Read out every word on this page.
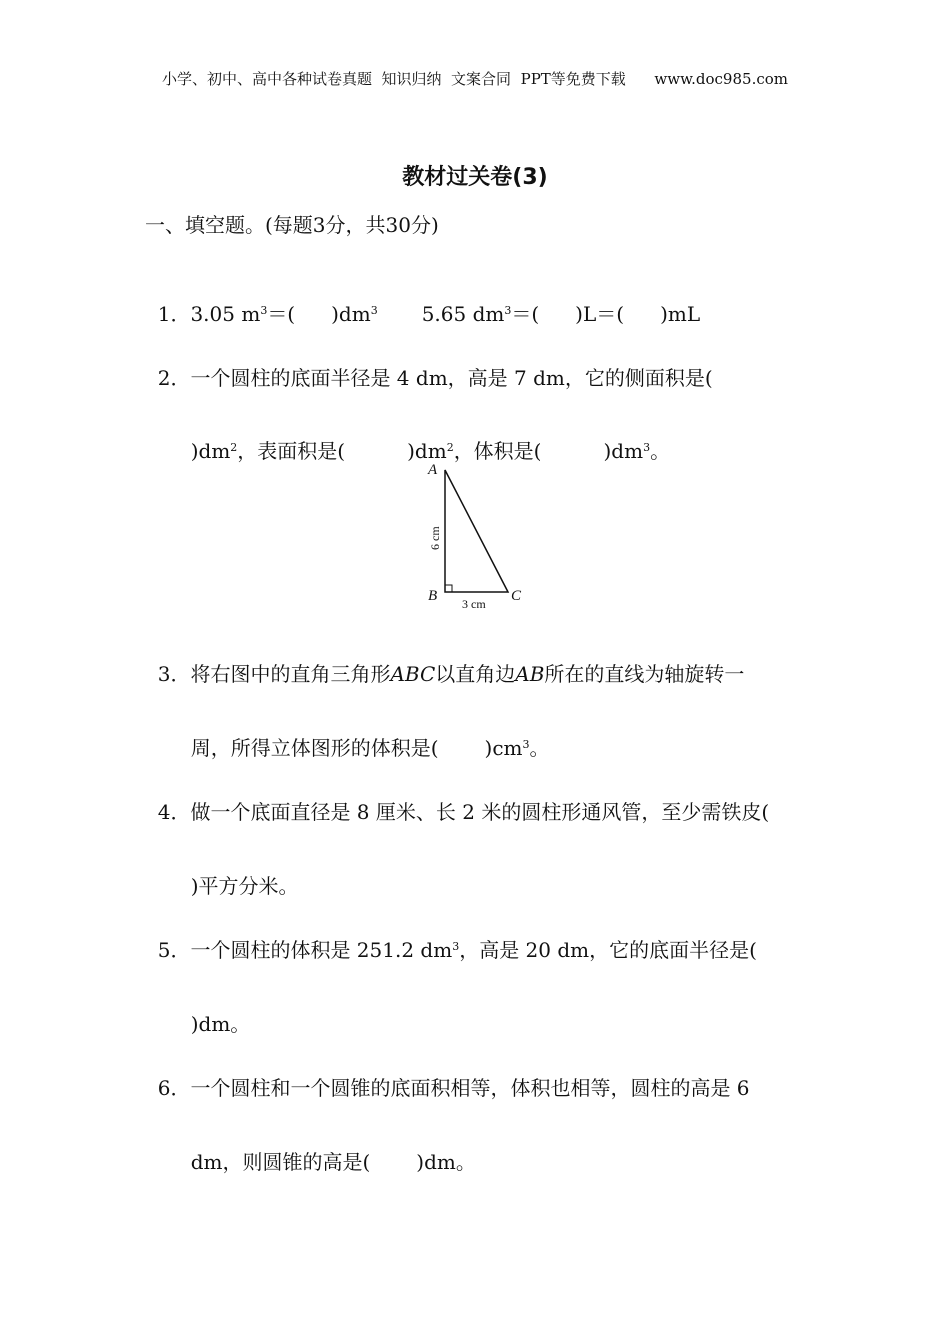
小学、初中、高中各种试卷真题  知识归纳  文案合同  PPT等免费下载      www.doc985.com
教材过关卷(3)
一、填空题。(每题3分，共30分)

1．3.05 $m^3=$( )$dm^3$ 5.65 $dm^3=$( )L＝( )mL

2．一个圆柱的底面半径是 4 dm，高是 7 dm，它的侧面积是(

)$dm^2$，表面积是(	)$dm^2$，体积是(	)$dm^3$。

A
B	C
6 cm
3 cm

3．将右图中的直角三角形ABC以直角边AB所在的直线为轴旋转一

周，所得立体图形的体积是( )$cm^3$。

4．做一个底面直径是 8 厘米、长 2 米的圆柱形通风管，至少需铁皮(

)平方分米。

5．一个圆柱的体积是 251.2 $dm^3$，高是 20 dm，它的底面半径是(

)dm。

6．一个圆柱和一个圆锥的底面积相等，体积也相等，圆柱的高是 6

dm，则圆锥的高是( )dm。
